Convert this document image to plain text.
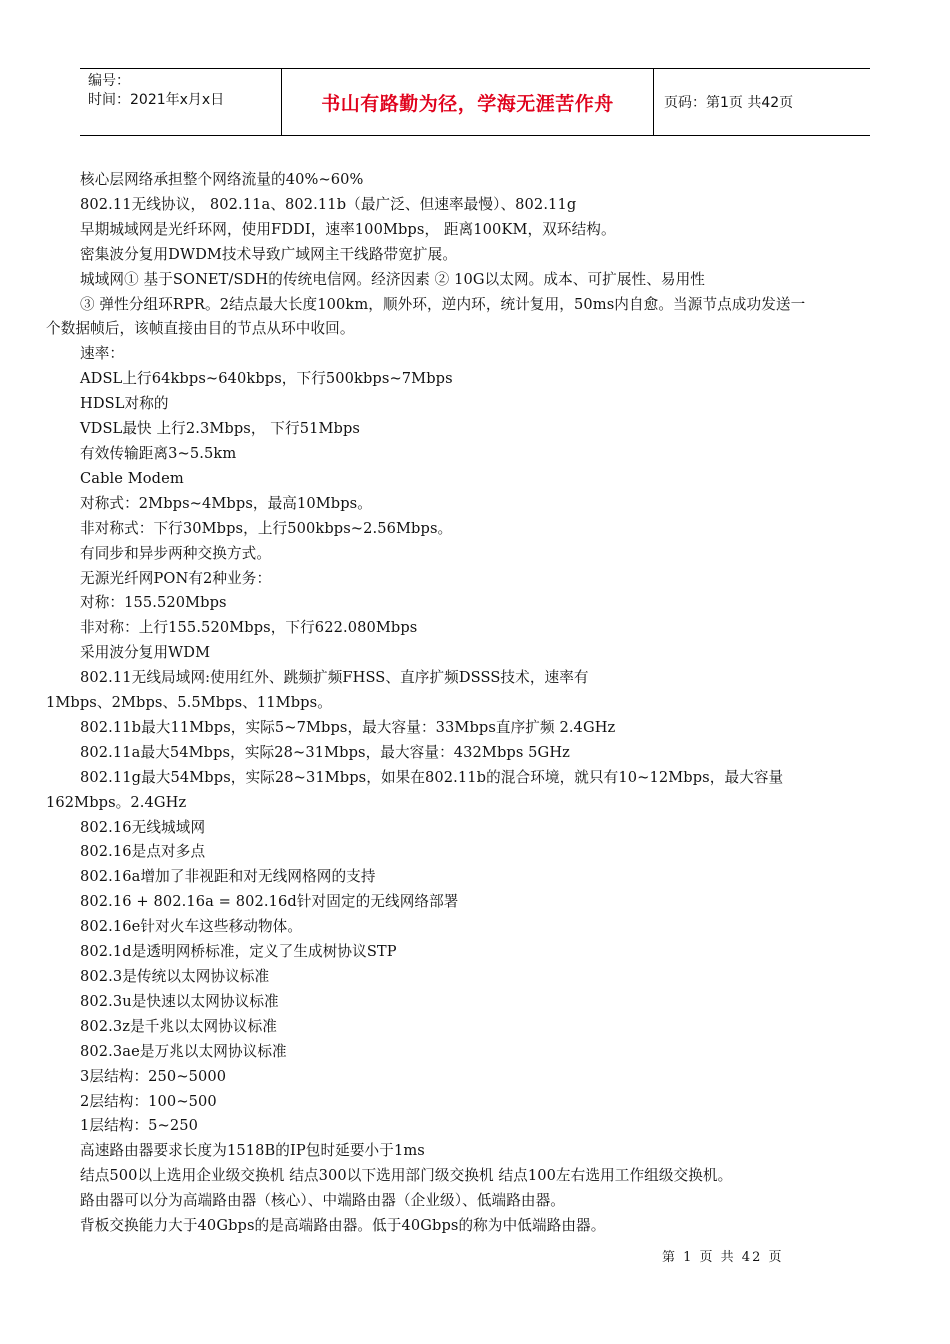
编号：
时间：2021年x月x日	书山有路勤为径，学海无涯苦作舟	页码：第1页 共42页
核心层网络承担整个网络流量的40%~60%
802.11无线协议， 802.11a、802.11b（最广泛、但速率最慢）、802.11g
早期城域网是光纤环网，使用FDDI，速率100Mbps， 距离100KM，双环结构。
密集波分复用DWDM技术导致广域网主干线路带宽扩展。
城域网① 基于SONET/SDH的传统电信网。经济因素 ② 10G以太网。成本、可扩展性、易用性
③ 弹性分组环RPR。2结点最大长度100km，顺外环，逆内环，统计复用，50ms内自愈。当源节点成功发送一
个数据帧后，该帧直接由目的节点从环中收回。
速率：
ADSL上行64kbps~640kbps，下行500kbps~7Mbps
HDSL对称的
VDSL最快 上行2.3Mbps， 下行51Mbps
有效传输距离3~5.5km
Cable Modem
对称式：2Mbps~4Mbps，最高10Mbps。
非对称式：下行30Mbps，上行500kbps~2.56Mbps。
有同步和异步两种交换方式。
无源光纤网PON有2种业务：
对称：155.520Mbps
非对称：上行155.520Mbps，下行622.080Mbps
采用波分复用WDM
802.11无线局域网:使用红外、跳频扩频FHSS、直序扩频DSSS技术，速率有
1Mbps、2Mbps、5.5Mbps、11Mbps。
802.11b最大11Mbps，实际5~7Mbps，最大容量：33Mbps直序扩频 2.4GHz
802.11a最大54Mbps，实际28~31Mbps，最大容量：432Mbps 5GHz
802.11g最大54Mbps，实际28~31Mbps，如果在802.11b的混合环境，就只有10~12Mbps，最大容量
162Mbps。2.4GHz
802.16无线城域网
802.16是点对多点
802.16a增加了非视距和对无线网格网的支持
802.16 + 802.16a = 802.16d针对固定的无线网络部署
802.16e针对火车这些移动物体。
802.1d是透明网桥标准，定义了生成树协议STP
802.3是传统以太网协议标准
802.3u是快速以太网协议标准
802.3z是千兆以太网协议标准
802.3ae是万兆以太网协议标准
3层结构：250~5000
2层结构：100~500
1层结构：5~250
高速路由器要求长度为1518B的IP包时延要小于1ms
结点500以上选用企业级交换机 结点300以下选用部门级交换机 结点100左右选用工作组级交换机。
路由器可以分为高端路由器（核心）、中端路由器（企业级）、低端路由器。
背板交换能力大于40Gbps的是高端路由器。低于40Gbps的称为中低端路由器。
第 1 页 共 42 页
